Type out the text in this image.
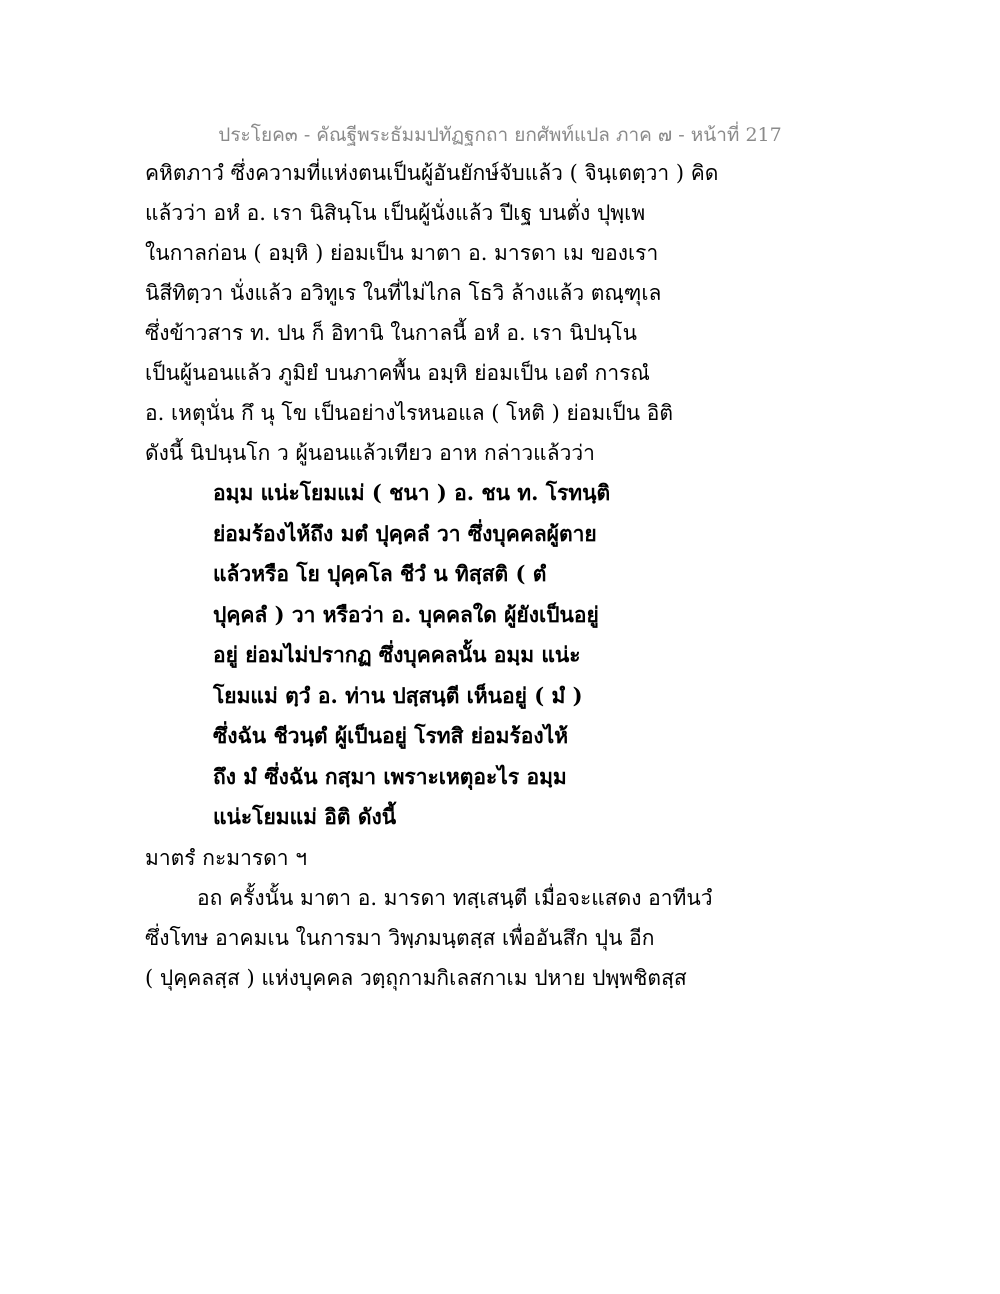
ประโยค๓ - คัณฐีพระธัมมปทัฏฐกถา ยกศัพท์แปล ภาค ๗ - หน้าที่ 217
คหิตภาวํ ซึ่งความที่แห่งตนเป็นผู้อันยักษ์จับแล้ว ( จินฺเตตฺวา ) คิด
แล้วว่า อหํ อ. เรา นิสินฺโน เป็นผู้นั่งแล้ว ปีเฐ บนตั่ง ปุพฺเพ
ในกาลก่อน ( อมฺหิ ) ย่อมเป็น มาตา อ. มารดา เม ของเรา
นิสีทิตฺวา นั่งแล้ว อวิทูเร ในที่ไม่ไกล โธวิ ล้างแล้ว ตณฺฑุเล
ซึ่งข้าวสาร ท. ปน ก็ อิทานิ ในกาลนี้ อหํ อ. เรา นิปนฺโน
เป็นผู้นอนแล้ว ภูมิยํ บนภาคพื้น อมฺหิ ย่อมเป็น เอตํ การณํ
อ. เหตุนั่น กึ นุ โข เป็นอย่างไรหนอแล ( โหติ ) ย่อมเป็น อิติ
ดังนี้ นิปนฺนโก ว ผู้นอนแล้วเทียว อาห กล่าวแล้วว่า
อมฺม แน่ะโยมแม่ ( ชนา ) อ. ชน ท. โรทนฺติ
ย่อมร้องไห้ถึง มตํ ปุคฺคลํ วา ซึ่งบุคคลผู้ตาย
แล้วหรือ โย ปุคฺคโล ชีวํ น ทิสฺสติ ( ตํ
ปุคฺคลํ ) วา หรือว่า อ. บุคคลใด ผู้ยังเป็นอยู่
อยู่ ย่อมไม่ปรากฏ ซึ่งบุคคลนั้น อมฺม แน่ะ
โยมแม่ ตฺวํ อ. ท่าน ปสฺสนฺตี เห็นอยู่ ( มํ )
ซึ่งฉัน ชีวนฺตํ ผู้เป็นอยู่ โรทสิ ย่อมร้องไห้
ถึง มํ ซึ่งฉัน กสฺมา เพราะเหตุอะไร อมฺม
แน่ะโยมแม่ อิติ ดังนี้
มาตรํ กะมารดา ฯ
อถ ครั้งนั้น มาตา อ. มารดา ทสฺเสนฺตี เมื่อจะแสดง อาทีนวํ
ซึ่งโทษ อาคมเน ในการมา วิพฺภมนฺตสฺส เพื่ออันสึก ปุน อีก
( ปุคฺคลสฺส ) แห่งบุคคล วตฺถุกามกิเลสกาเม ปหาย ปพฺพชิตสฺส
